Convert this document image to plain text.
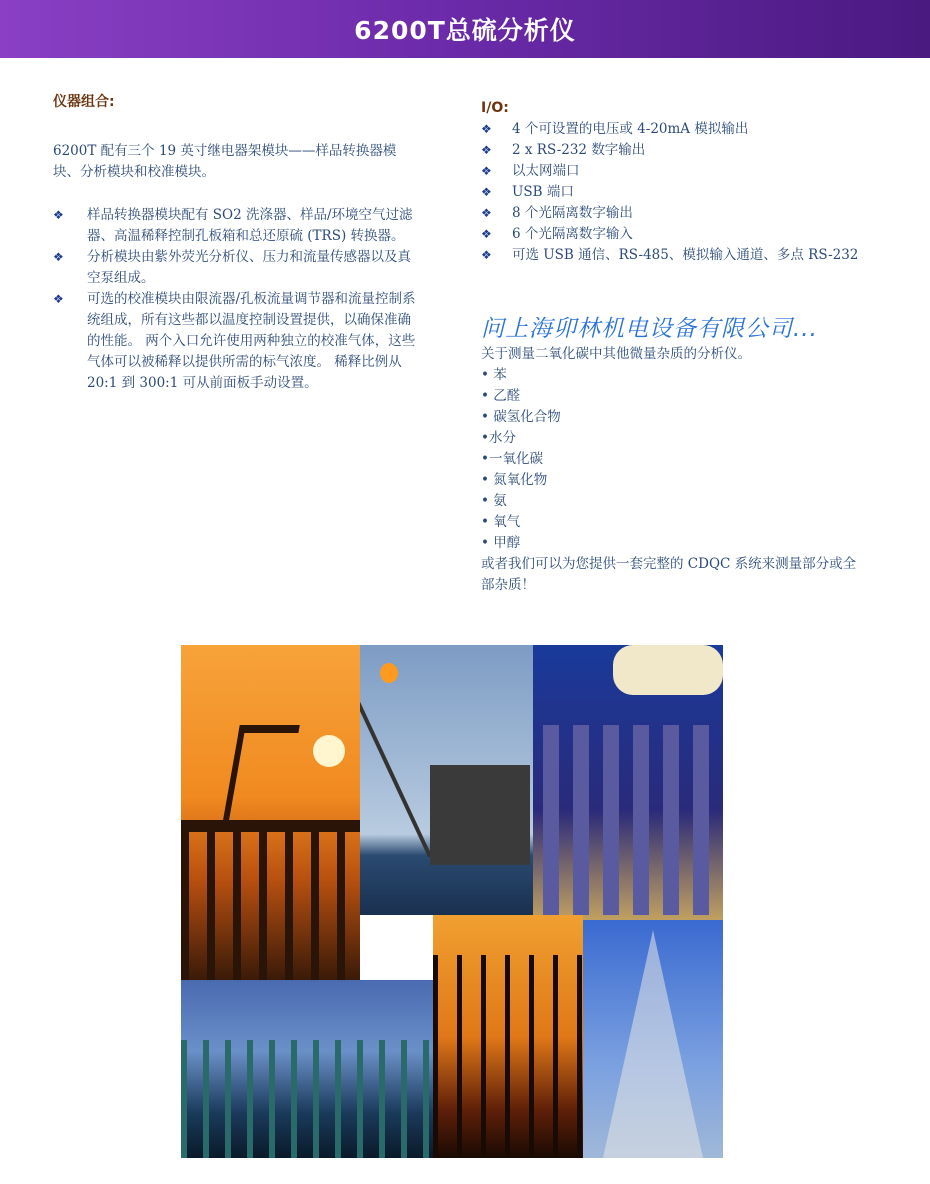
6200T总硫分析仪
仪器组合:
6200T 配有三个 19 英寸继电器架模块——样品转换器模块、分析模块和校准模块。
❖ 样品转换器模块配有 SO2 洗涤器、样品/环境空气过滤器、高温稀释控制孔板箱和总还原硫 (TRS) 转换器。
❖ 分析模块由紫外荧光分析仪、压力和流量传感器以及真空泵组成。
❖ 可选的校准模块由限流器/孔板流量调节器和流量控制系统组成，所有这些都以温度控制设置提供，以确保准确的性能。 两个入口允许使用两种独立的校准气体，这些气体可以被稀释以提供所需的标气浓度。 稀释比例从 20:1 到 300:1 可从前面板手动设置。
I/O:
❖ 4 个可设置的电压或 4-20mA 模拟输出
❖ 2 x RS-232 数字输出
❖ 以太网端口
❖ USB 端口
❖ 8 个光隔离数字输出
❖ 6 个光隔离数字输入
❖ 可选 USB 通信、RS-485、模拟输入通道、多点 RS-232
问上海卯林机电设备有限公司...
关于测量二氧化碳中其他微量杂质的分析仪。
• 苯
• 乙醛
• 碳氢化合物
•水分
•一氧化碳
• 氮氧化物
• 氨
• 氧气
• 甲醇
或者我们可以为您提供一套完整的 CDQC 系统来测量部分或全部杂质！
